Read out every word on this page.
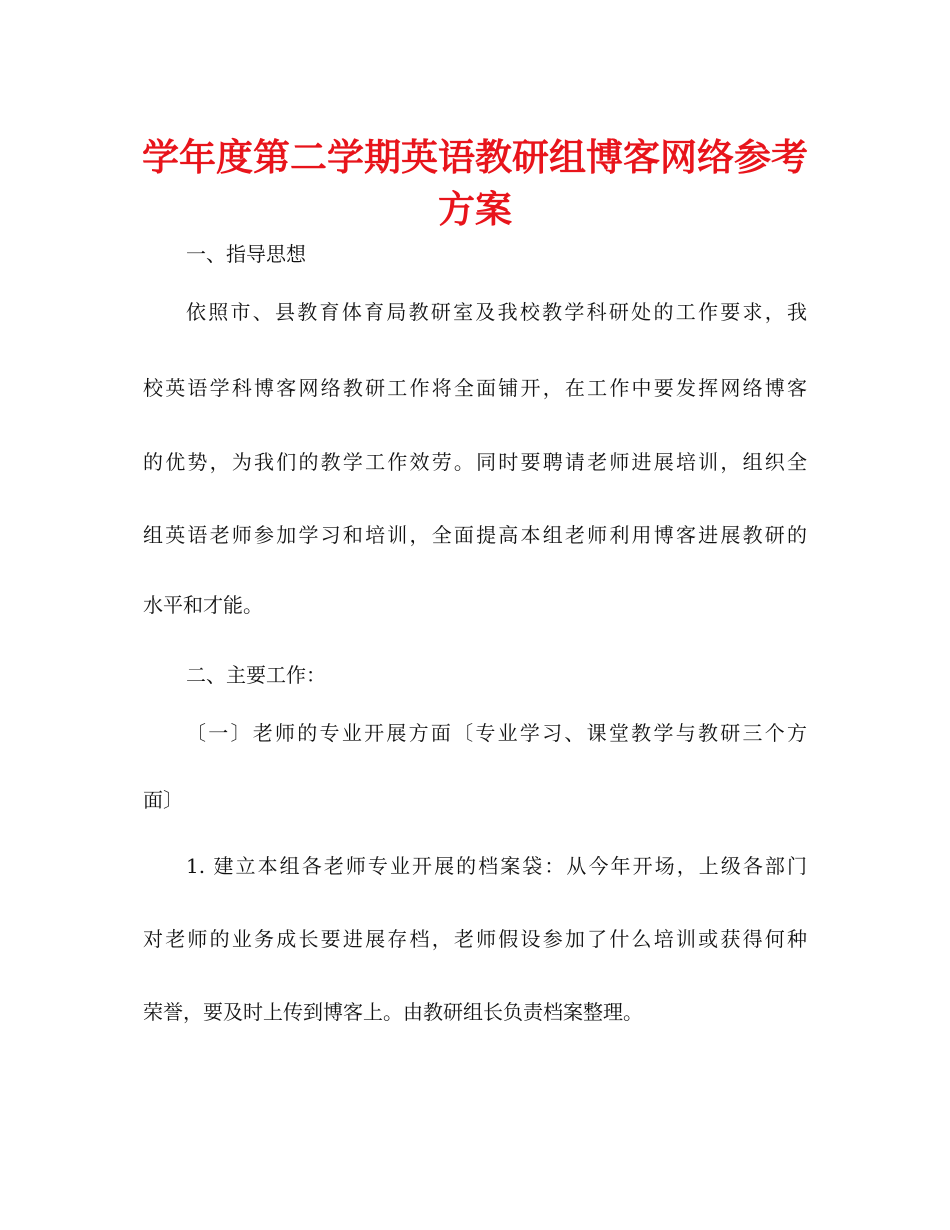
学年度第二学期英语教研组博客网络参考
方案

一、指导思想

依照市、县教育体育局教研室及我校教学科研处的工作要求，我

校英语学科博客网络教研工作将全面铺开，在工作中要发挥网络博客

的优势，为我们的教学工作效劳。同时要聘请老师进展培训，组织全

组英语老师参加学习和培训，全面提高本组老师利用博客进展教研的

水平和才能。

二、主要工作：

〔一〕老师的专业开展方面〔专业学习、课堂教学与教研三个方

面〕

1. 建立本组各老师专业开展的档案袋：从今年开场，上级各部门

对老师的业务成长要进展存档，老师假设参加了什么培训或获得何种

荣誉，要及时上传到博客上。由教研组长负责档案整理。
